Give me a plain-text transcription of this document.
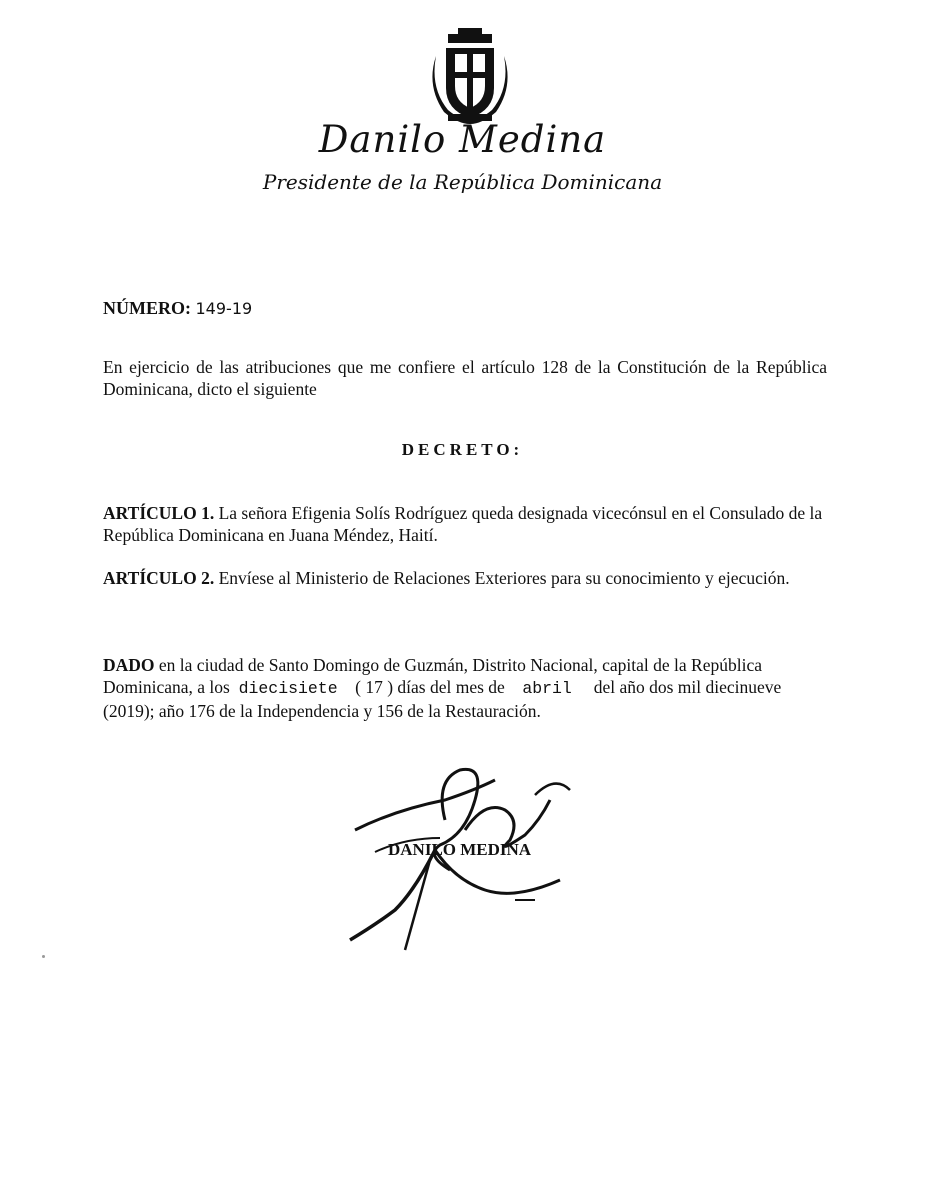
Danilo Medina
Presidente de la República Dominicana
NÚMERO: 149-19
En ejercicio de las atribuciones que me confiere el artículo 128 de la Constitución de la República Dominicana, dicto el siguiente
DECRETO:
ARTÍCULO 1. La señora Efigenia Solís Rodríguez queda designada vicecónsul en el Consulado de la República Dominicana en Juana Méndez, Haití.
ARTÍCULO 2. Envíese al Ministerio de Relaciones Exteriores para su conocimiento y ejecución.
DADO en la ciudad de Santo Domingo de Guzmán, Distrito Nacional, capital de la República Dominicana, a los diecisiete ( 17 ) días del mes de abril del año dos mil diecinueve (2019); año 176 de la Independencia y 156 de la Restauración.
DANILO MEDINA
